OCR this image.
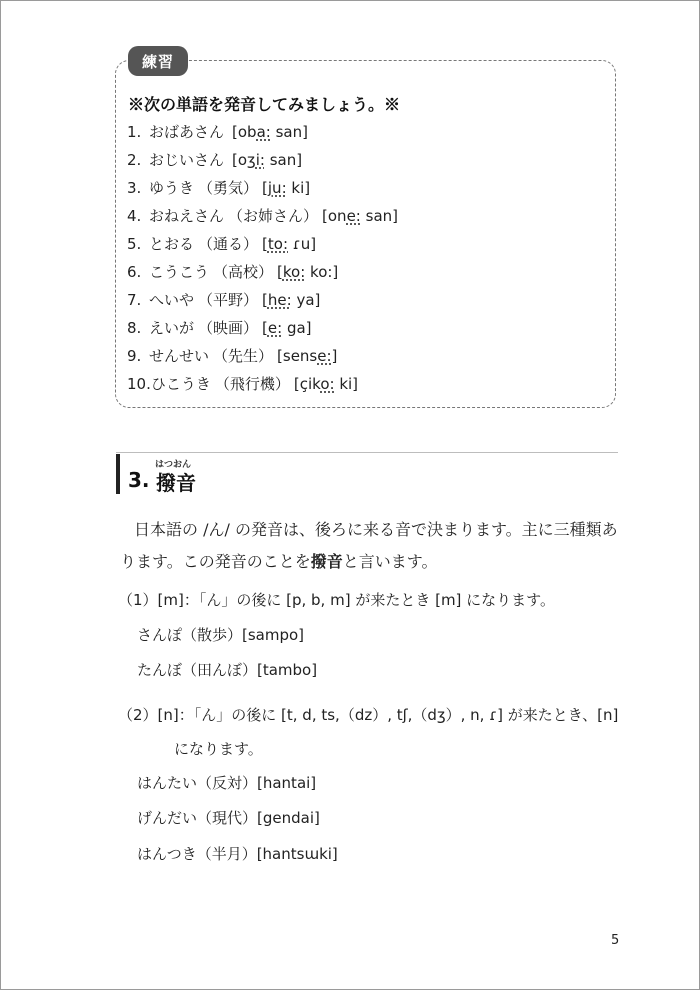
練習
※次の単語を発音してみましょう。※
1. おばあさん [oba: san]
2. おじいさん [oʒi: san]
3. ゆうき （勇気） [ju: ki]
4. おねえさん （お姉さん） [one: san]
5. とおる （通る） [to: ɾu]
6. こうこう （高校） [ko: ko:]
7. へいや （平野） [he: ya]
8. えいが （映画） [e: ga]
9. せんせい （先生） [sense:]
10.ひこうき （飛行機） [çiko: ki]
3.
はつおん
撥音
日本語の /ん/ の発音は、後ろに来る音で決まります。主に三種類あります。この発音のことを撥音と言います。
（1）[m]：「ん」の後に [p, b, m] が来たとき [m] になります。
さんぽ（散歩）[sampo]
たんぼ（田んぼ）[tambo]
（2）[n]：「ん」の後に [t, d, ts,（dz）, tʃ,（dʒ）, n, ɾ] が来たとき、[n]
になります。
はんたい（反対）[hantai]
げんだい（現代）[gendai]
はんつき（半月）[hantsɯki]
5
